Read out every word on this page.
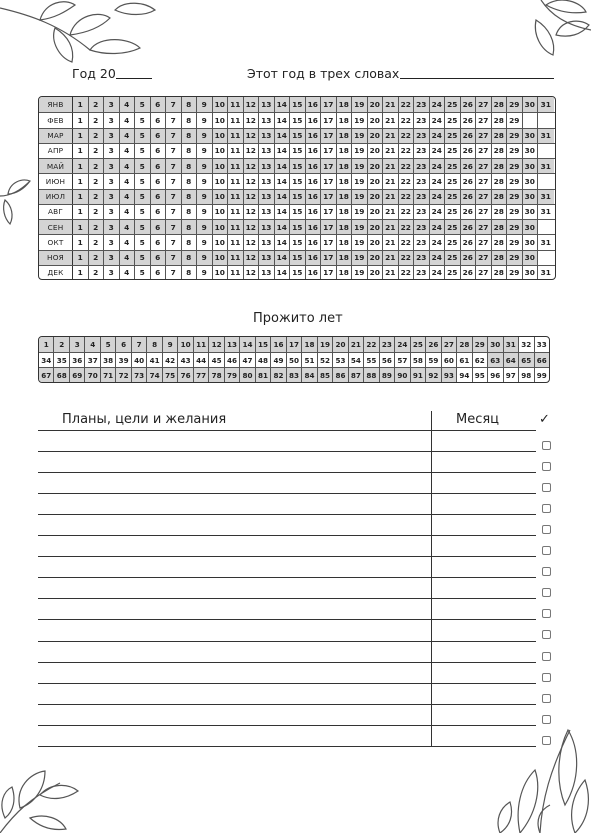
Год 20	Этот год в трех словах
ЯНВ	1	2	3	4	5	6	7	8	9	10 11 12 13 14 15 16 17 18 19 20 21 22 23 24 25 26 27 28 29 30 31
ФЕВ	1	2	3	4	5	6	7	8	9	10 11 12 13 14 15 16 17 18 19 20 21 22 23 24 25 26 27 28 29
МАР	1	2	3	4	5	6	7	8	9	10 11 12 13 14 15 16 17 18 19 20 21 22 23 24 25 26 27 28 29 30 31
АПР	1	2	3	4	5	6	7	8	9	10 11 12 13 14 15 16 17 18 19 20 21 22 23 24 25 26 27 28 29 30
МАЙ	1	2	3	4	5	6	7	8	9	10 11 12 13 14 15 16 17 18 19 20 21 22 23 24 25 26 27 28 29 30 31
ИЮН	1	2	3	4	5	6	7	8	9	10 11 12 13 14 15 16 17 18 19 20 21 22 23 24 25 26 27 28 29 30
ИЮЛ	1	2	3	4	5	6	7	8	9	10 11 12 13 14 15 16 17 18 19 20 21 22 23 24 25 26 27 28 29 30 31
АВГ	1	2	3	4	5	6	7	8	9	10 11 12 13 14 15 16 17 18 19 20 21 22 23 24 25 26 27 28 29 30 31
СЕН	1	2	3	4	5	6	7	8	9	10 11 12 13 14 15 16 17 18 19 20 21 22 23 24 25 26 27 28 29 30
ОКТ	1	2	3	4	5	6	7	8	9	10 11 12 13 14 15 16 17 18 19 20 21 22 23 24 25 26 27 28 29 30 31
НОЯ	1	2	3	4	5	6	7	8	9	10 11 12 13 14 15 16 17 18 19 20 21 22 23 24 25 26 27 28 29 30
ДЕК	1	2	3	4	5	6	7	8	9	10 11 12 13 14 15 16 17 18 19 20 21 22 23 24 25 26 27 28 29 30 31
Прожито лет
1	2	3	4	5	6	7	8	9	10 11 12 13 14 15 16 17 18 19 20 21 22 23 24 25 26 27 28 29 30 31 32 33
34 35 36 37 38 39 40 41 42 43 44 45 46 47 48 49 50 51 52 53 54 55 56 57 58 59 60 61 62 63 64 65 66
67 68 69 70 71 72 73 74 75 76 77 78 79 80 81 82 83 84 85 86 87 88 89 90 91 92 93 94 95 96 97 98 99
Планы, цели и желания	Месяц	✓
